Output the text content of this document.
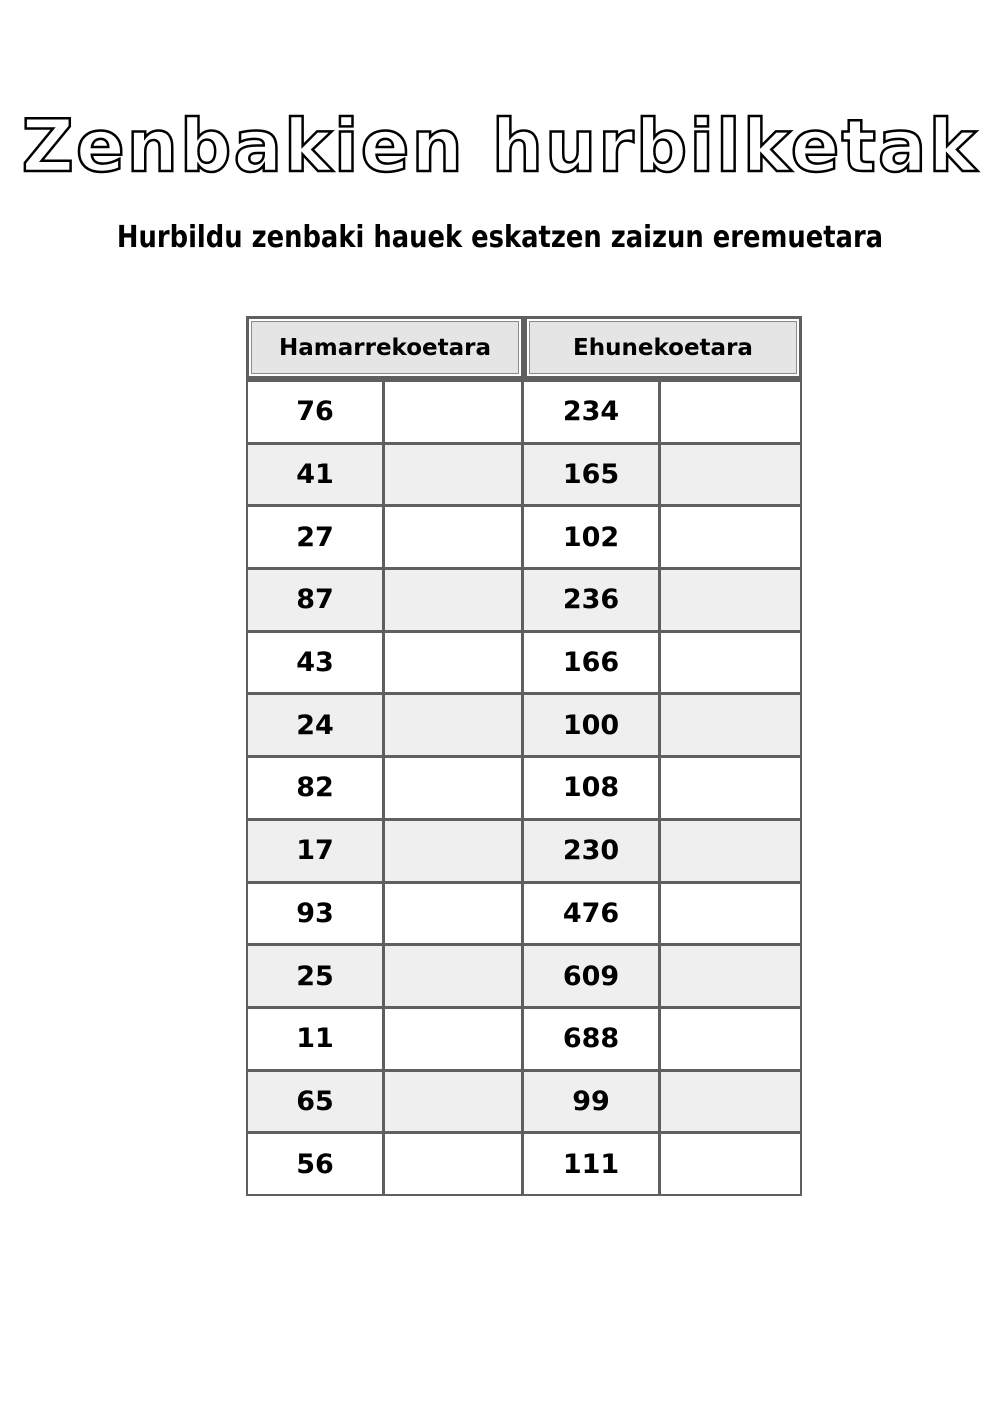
Zenbakien hurbilketak
Hurbildu zenbaki hauek eskatzen zaizun eremuetara
Hamarrekoetara	Ehunekoetara
76	234
41	165
27	102
87	236
43	166
24	100
82	108
17	230
93	476
25	609
11	688
65	99
56	111
